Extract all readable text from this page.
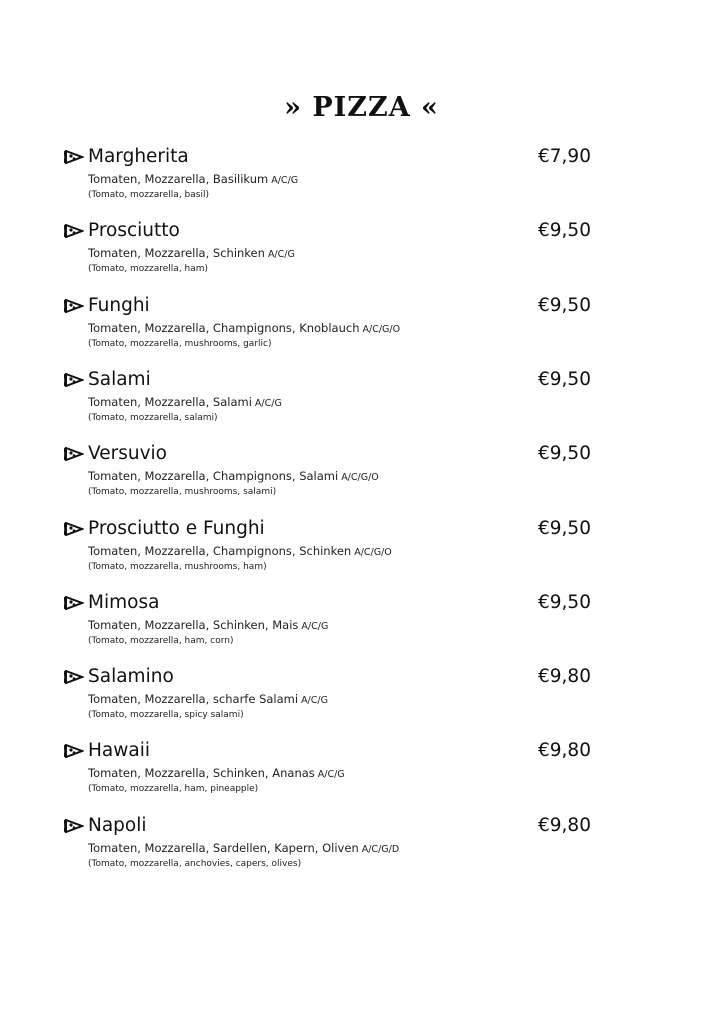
» PIZZA «
Margherita	€7,90
Tomaten, Mozzarella, Basilikum A/C/G
(Tomato, mozzarella, basil)
Prosciutto	€9,50
Tomaten, Mozzarella, Schinken A/C/G
(Tomato, mozzarella, ham)
Funghi	€9,50
Tomaten, Mozzarella, Champignons, Knoblauch A/C/G/O
(Tomato, mozzarella, mushrooms, garlic)
Salami	€9,50
Tomaten, Mozzarella, Salami A/C/G
(Tomato, mozzarella, salami)
Versuvio	€9,50
Tomaten, Mozzarella, Champignons, Salami A/C/G/O
(Tomato, mozzarella, mushrooms, salami)
Prosciutto e Funghi	€9,50
Tomaten, Mozzarella, Champignons, Schinken A/C/G/O
(Tomato, mozzarella, mushrooms, ham)
Mimosa	€9,50
Tomaten, Mozzarella, Schinken, Mais A/C/G
(Tomato, mozzarella, ham, corn)
Salamino	€9,80
Tomaten, Mozzarella, scharfe Salami A/C/G
(Tomato, mozzarella, spicy salami)
Hawaii	€9,80
Tomaten, Mozzarella, Schinken, Ananas A/C/G
(Tomato, mozzarella, ham, pineapple)
Napoli	€9,80
Tomaten, Mozzarella, Sardellen, Kapern, Oliven A/C/G/D
(Tomato, mozzarella, anchovies, capers, olives)
